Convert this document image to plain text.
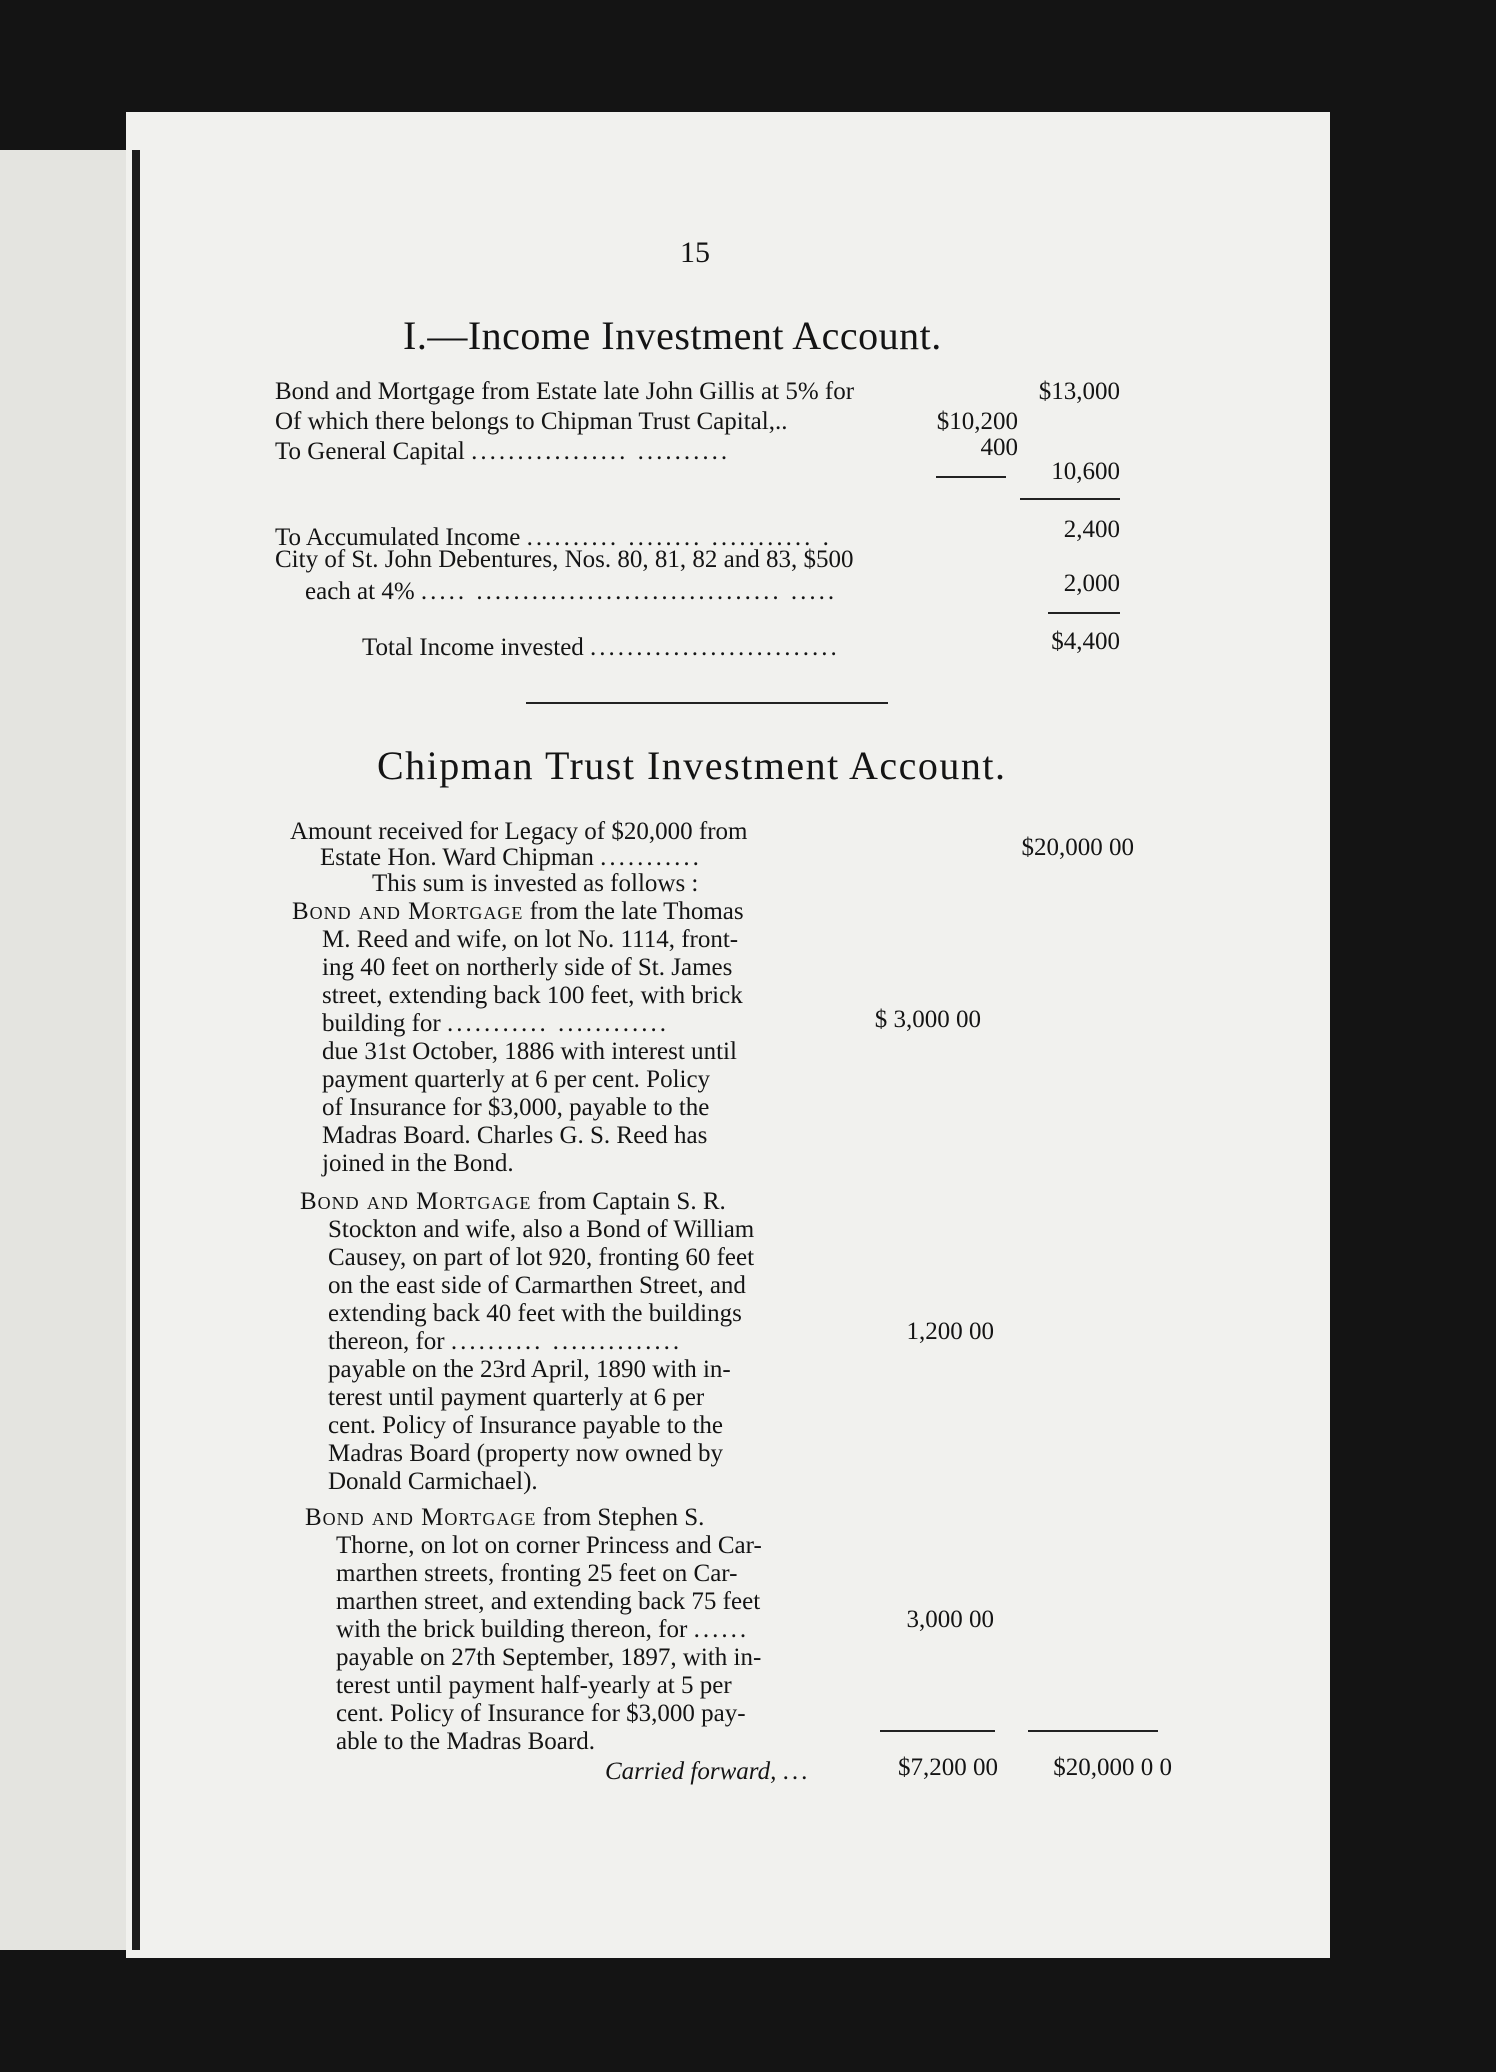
15
I.—Income Investment Account.
Bond and Mortgage from Estate late John Gillis at 5% for	$13,000
Of which there belongs to Chipman Trust Capital,..	$10,200
To General Capital ................. ..........	400
10,600
To Accumulated Income .......... ........ ........... .	2,400
City of St. John Debentures, Nos. 80, 81, 82 and 83, $500
each at 4% ..... ................................. .....	2,000
Total Income invested ...........................	$4,400
Chipman Trust Investment Account.
Amount received for Legacy of $20,000 from
Estate Hon. Ward Chipman ...........	$20,000 00
This sum is invested as follows :
Bond and Mortgage from the late Thomas
M. Reed and wife, on lot No. 1114, front-
ing 40 feet on northerly side of St. James
street, extending back 100 feet, with brick
building for ........... ............	$ 3,000 00
due 31st October, 1886 with interest until
payment quarterly at 6 per cent. Policy
of Insurance for $3,000, payable to the
Madras Board. Charles G. S. Reed has
joined in the Bond.
Bond and Mortgage from Captain S. R.
Stockton and wife, also a Bond of William
Causey, on part of lot 920, fronting 60 feet
on the east side of Carmarthen Street, and
extending back 40 feet with the buildings
thereon, for .......... ..............	1,200 00
payable on the 23rd April, 1890 with in-
terest until payment quarterly at 6 per
cent. Policy of Insurance payable to the
Madras Board (property now owned by
Donald Carmichael).
Bond and Mortgage from Stephen S.
Thorne, on lot on corner Princess and Car-
marthen streets, fronting 25 feet on Car-
marthen street, and extending back 75 feet
with the brick building thereon, for ......	3,000 00
payable on 27th September, 1897, with in-
terest until payment half-yearly at 5 per
cent. Policy of Insurance for $3,000 pay-
able to the Madras Board.
Carried forward, ...	$7,200 00 $20,000 0 0
